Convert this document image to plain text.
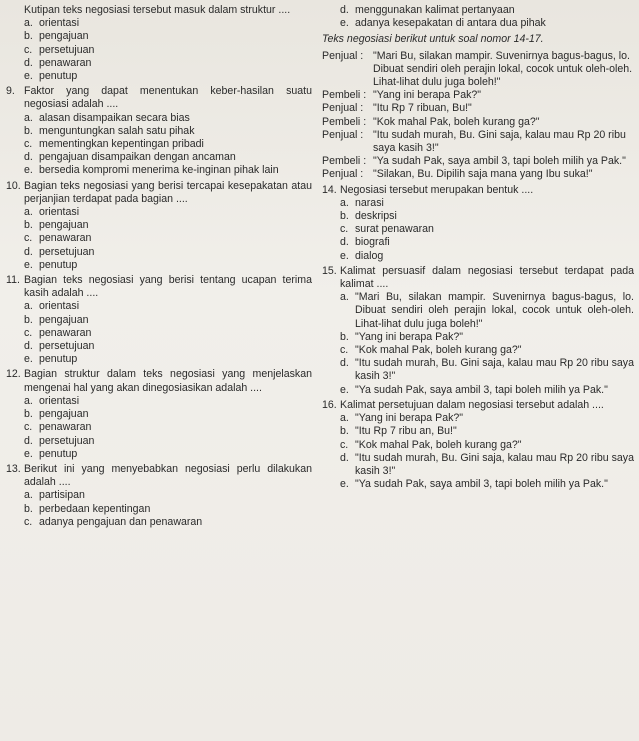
Kutipan teks negosiasi tersebut masuk dalam struktur ....
a. orientasi
b. pengajuan
c. persetujuan
d. penawaran
e. penutup
9. Faktor yang dapat menentukan keber-hasilan suatu negosiasi adalah ....
a. alasan disampaikan secara bias
b. menguntungkan salah satu pihak
c. mementingkan kepentingan pribadi
d. pengajuan disampaikan dengan ancaman
e. bersedia kompromi menerima ke-inginan pihak lain
10. Bagian teks negosiasi yang berisi tercapai kesepakatan atau perjanjian terdapat pada bagian ....
a. orientasi
b. pengajuan
c. penawaran
d. persetujuan
e. penutup
11. Bagian teks negosiasi yang berisi tentang ucapan terima kasih adalah ....
a. orientasi
b. pengajuan
c. penawaran
d. persetujuan
e. penutup
12. Bagian struktur dalam teks negosiasi yang menjelaskan mengenai hal yang akan dinegosiasikan adalah ....
a. orientasi
b. pengajuan
c. penawaran
d. persetujuan
e. penutup
13. Berikut ini yang menyebabkan negosiasi perlu dilakukan adalah ....
a. partisipan
b. perbedaan kepentingan
c. adanya pengajuan dan penawaran
d. menggunakan kalimat pertanyaan
e. adanya kesepakatan di antara dua pihak
Teks negosiasi berikut untuk soal nomor 14-17.
Penjual : "Mari Bu, silakan mampir. Suvenirnya bagus-bagus, lo. Dibuat sendiri oleh perajin lokal, cocok untuk oleh-oleh. Lihat-lihat dulu juga boleh!"
Pembeli : "Yang ini berapa Pak?"
Penjual : "Itu Rp 7 ribuan, Bu!"
Pembeli : "Kok mahal Pak, boleh kurang ga?"
Penjual : "Itu sudah murah, Bu. Gini saja, kalau mau Rp 20 ribu saya kasih 3!"
Pembeli : "Ya sudah Pak, saya ambil 3, tapi boleh milih ya Pak."
Penjual : "Silakan, Bu. Dipilih saja mana yang Ibu suka!"
14. Negosiasi tersebut merupakan bentuk ....
a. narasi
b. deskripsi
c. surat penawaran
d. biografi
e. dialog
15. Kalimat persuasif dalam negosiasi tersebut terdapat pada kalimat ....
a. "Mari Bu, silakan mampir. Suvenirnya bagus-bagus, lo. Dibuat sendiri oleh perajin lokal, cocok untuk oleh-oleh. Lihat-lihat dulu juga boleh!"
b. "Yang ini berapa Pak?"
c. "Kok mahal Pak, boleh kurang ga?"
d. "Itu sudah murah, Bu. Gini saja, kalau mau Rp 20 ribu saya kasih 3!"
e. "Ya sudah Pak, saya ambil 3, tapi boleh milih ya Pak."
16. Kalimat persetujuan dalam negosiasi tersebut adalah ....
a. "Yang ini berapa Pak?"
b. "Itu Rp 7 ribu an, Bu!"
c. "Kok mahal Pak, boleh kurang ga?"
d. "Itu sudah murah, Bu. Gini saja, kalau mau Rp 20 ribu saya kasih 3!"
e. "Ya sudah Pak, saya ambil 3, tapi boleh milih ya Pak."
